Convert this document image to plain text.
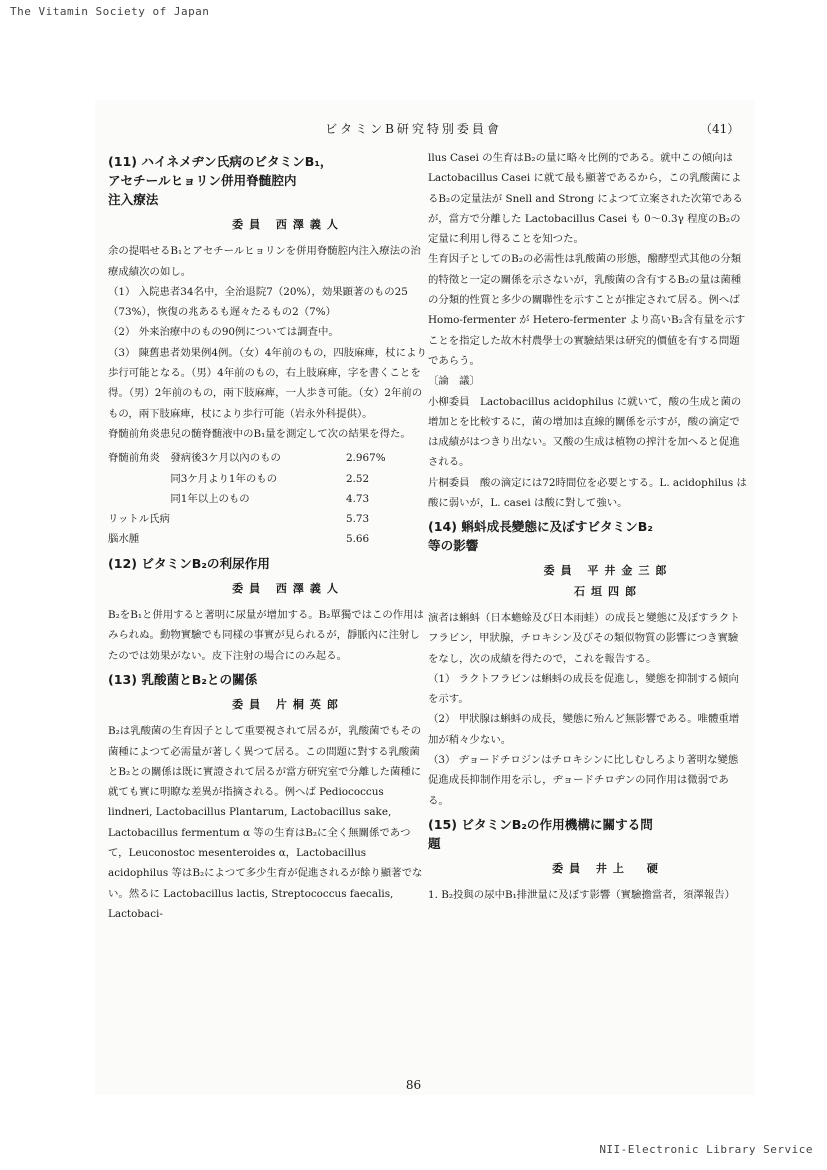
The Vitamin Society of Japan
NII-Electronic Library Service
ビタミンB研究特別委員會	（41）
(11) ハイネメヂン氏病のビタミンB₁，
アセチールヒョリン併用脊髄腔内
注入療法
委員 西澤義人

余の提唱せるB₁とアセチールヒョリンを併用脊髄腔内注入療法の治療成績次の如し。

（1） 入院患者34名中，全治退院7（20%），効果顕著のもの25（73%），恢復の兆あるも遅々たるもの2（7%）

（2） 外来治療中のもの90例については調査中。

（3） 陳舊患者効果例4例。（女）4年前のもの，四肢麻痺，杖により歩行可能となる。（男）4年前のもの，右上肢麻痺，字を書くことを得。（男）2年前のもの，兩下肢麻痺，一人歩き可能。（女）2年前のもの，兩下肢麻痺，杖により歩行可能（岩永外科提供）。

脊髄前角炎患兒の髄脊髄液中のB₁量を測定して次の結果を得た。

脊髄前角炎　發病後3ケ月以內のもの	2.967%
　　　　　　同3ケ月より1年のもの	2.52
　　　　　　同1年以上のもの	4.73
リットル氏病	5.73
腦水腫	5.66
(12) ビタミンB₂の利尿作用
委員 西澤義人

B₂をB₁と併用すると著明に尿量が增加する。B₂單獨ではこの作用はみられぬ。動物實驗でも同樣の事實が見られるが，靜脈內に注射したのでは効果がない。皮下注射の場合にのみ起る。

(13) 乳酸菌とB₂との關係
委員 片桐英郎

B₂は乳酸菌の生育因子として重要視されて居るが，乳酸菌でもその菌種によつて必需量が著しく異つて居る。この問題に對する乳酸菌とB₂との關係は既に實證されて居るが當方研究室で分離した菌種に就ても實に明瞭な差異が指摘される。例へば Pediococcus lindneri, Lactobacillus Plantarum, Lactobacillus sake, Lactobacillus fermentum α 等の生育はB₂に全く無關係であつて，Leuconostoc mesenteroides α，Lactobacillus acidophilus 等はB₂によつて多少生育が促進されるが餘り顯著でない。然るに Lactobacillus lactis, Streptococcus faecalis, Lactobaci-

llus Casei の生育はB₂の量に略々比例的である。就中この傾向は Lactobacillus Casei に就て最も顯著であるから，この乳酸菌によるB₂の定量法が Snell and Strong によつて立案された次第であるが，當方で分離した Lactobacillus Casei も 0〜0.3γ 程度のB₂の定量に利用し得ることを知つた。

生育因子としてのB₂の必需性は乳酸菌の形態，醱酵型式其他の分類的特徵と一定の關係を示さないが，乳酸菌の含有するB₂の量は菌種の分類的性質と多少の關聯性を示すことが推定されて居る。例へば Homo-fermenter が Hetero-fermenter より高いB₂含有量を示すことを指定した故木村農學士の實驗結果は研究的價値を有する問題であらう。

〔論　議〕

小柳委員　Lactobacillus acidophilus に就いて，酸の生成と菌の增加とを比較するに，菌の增加は直線的關係を示すが，酸の滴定では成績がはつきり出ない。又酸の生成は植物の搾汁を加へると促進される。

片桐委員　酸の滴定には72時間位を必要とする。L. acidophilus は酸に弱いが，L. casei は酸に對して強い。

(14) 蝌蚪成長變態に及ぼすビタミンB₂
等の影響
委員 平井金三郎
石垣四郎

演者は蝌蚪（日本蟾蜍及び日本雨蛙）の成長と變態に及ぼすラクトフラビン，甲狀腺，チロキシン及びその類似物質の影響につき實驗をなし，次の成績を得たので，これを報告する。

（1） ラクトフラビンは蝌蚪の成長を促進し，變態を抑制する傾向を示す。

（2） 甲狀腺は蝌蚪の成長，變態に殆んど無影響である。唯體重增加が稍々少ない。

（3） ヂョードチロジンはチロキシンに比しむしろより著明な變態促進成長抑制作用を示し，ヂョードチロヂンの同作用は微弱である。

(15) ビタミンB₂の作用機構に關する問
題
委員 井上　硬

1. B₂投與の尿中B₁排泄量に及ぼす影響（實驗擔當者，須澤報告）

86
